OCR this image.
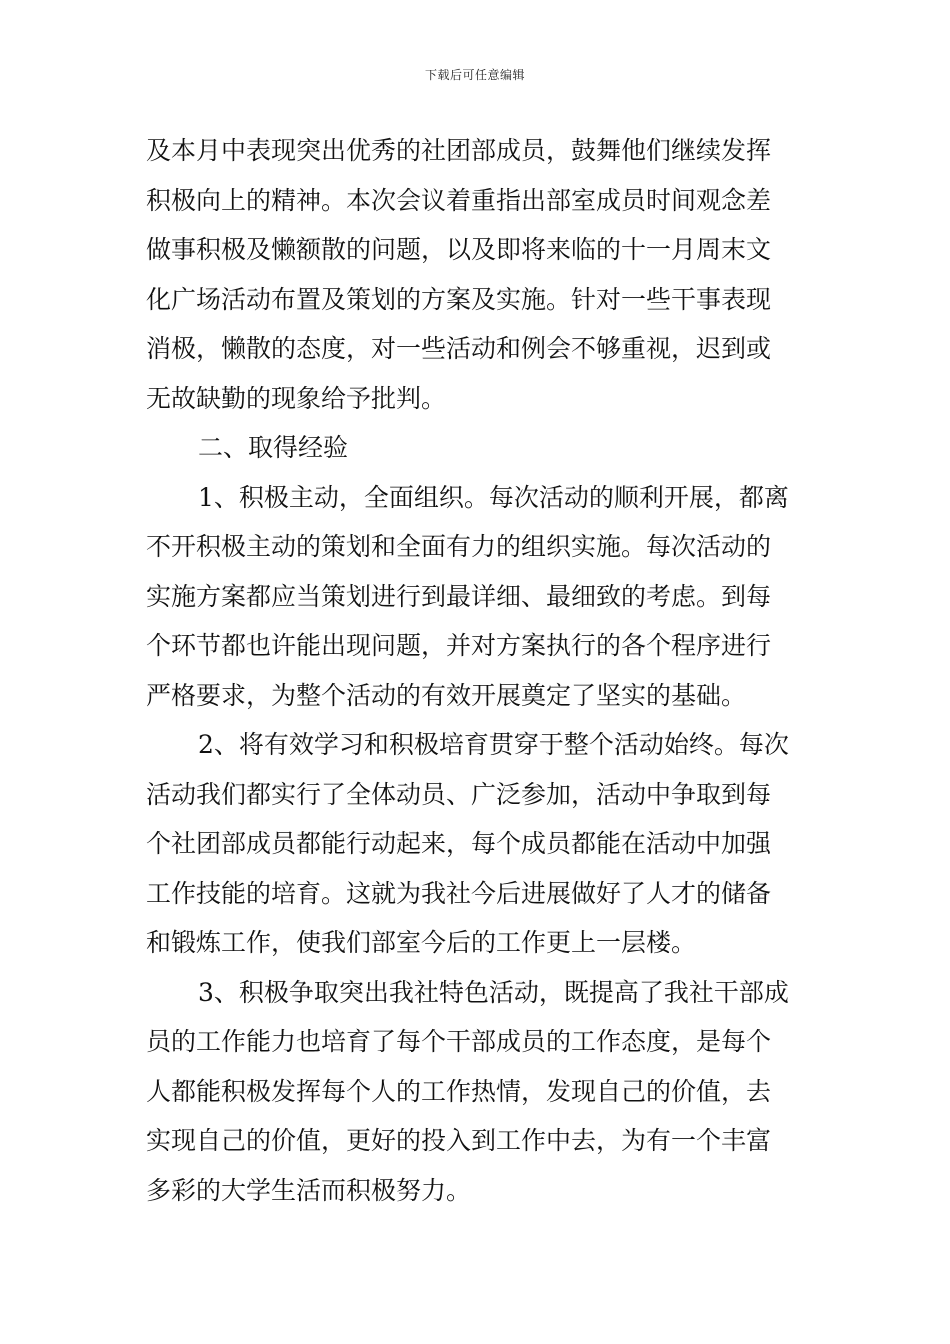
下载后可任意编辑
及本月中表现突出优秀的社团部成员，鼓舞他们继续发挥
积极向上的精神。本次会议着重指出部室成员时间观念差
做事积极及懒额散的问题，以及即将来临的十一月周末文
化广场活动布置及策划的方案及实施。针对一些干事表现
消极，懒散的态度，对一些活动和例会不够重视，迟到或
无故缺勤的现象给予批判。
二、取得经验
1、积极主动，全面组织。每次活动的顺利开展，都离
不开积极主动的策划和全面有力的组织实施。每次活动的
实施方案都应当策划进行到最详细、最细致的考虑。到每
个环节都也许能出现问题，并对方案执行的各个程序进行
严格要求，为整个活动的有效开展奠定了坚实的基础。
2、将有效学习和积极培育贯穿于整个活动始终。每次
活动我们都实行了全体动员、广泛参加，活动中争取到每
个社团部成员都能行动起来，每个成员都能在活动中加强
工作技能的培育。这就为我社今后进展做好了人才的储备
和锻炼工作，使我们部室今后的工作更上一层楼。
3、积极争取突出我社特色活动，既提高了我社干部成
员的工作能力也培育了每个干部成员的工作态度，是每个
人都能积极发挥每个人的工作热情，发现自己的价值，去
实现自己的价值，更好的投入到工作中去，为有一个丰富
多彩的大学生活而积极努力。
